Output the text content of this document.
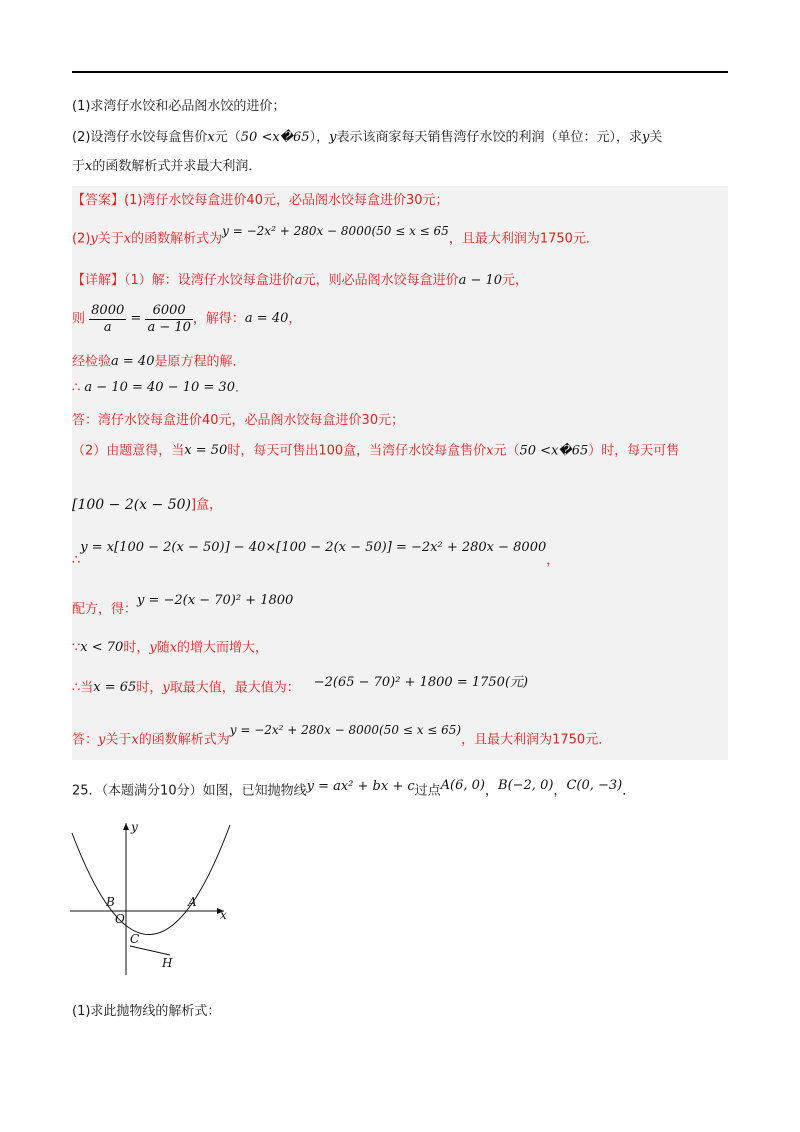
(1)求湾仔水饺和必品阁水饺的进价；
(2)设湾仔水饺每盒售价x元（50 <x�65），y表示该商家每天销售湾仔水饺的利润（单位：元），求y关
于x的函数解析式并求最大利润．
【答案】(1)湾仔水饺每盒进价40元，必品阁水饺每盒进价30元；
(2)y关于x的函数解析式为y = −2x² + 280x − 8000(50 ≤ x ≤ 65，且最大利润为1750元．
【详解】（1）解：设湾仔水饺每盒进价a元，则必品阁水饺每盒进价a − 10元，
则 $\frac{8000}{a} = \frac{6000}{a - 10}$ ，解得：a = 40，
经检验a = 40是原方程的解．
∴ a − 10 = 40 − 10 = 30．
答：湾仔水饺每盒进价40元，必品阁水饺每盒进价30元；
（2）由题意得，当x = 50时，每天可售出100盒，当湾仔水饺每盒售价x元（50 <x�65）时，每天可售
[100 − 2(x − 50)]盒，
∴y = x[100 − 2(x − 50)] − 40×[100 − 2(x − 50)] = −2x² + 280x − 8000，
配方，得：y = −2(x − 70)² + 1800
∵x < 70时，y随x的增大而增大，
∴当x = 65时，y取最大值，最大值为： −2(65 − 70)² + 1800 = 1750(元)
答：y关于x的函数解析式为y = −2x² + 280x − 8000(50 ≤ x ≤ 65)，且最大利润为1750元．
25．（本题满分10分）如图，已知抛物线y = ax² + bx + c过点A(6, 0)，B(−2, 0)，C(0, −3)．
y
x
O
B	A
C
H
(1)求此抛物线的解析式：
